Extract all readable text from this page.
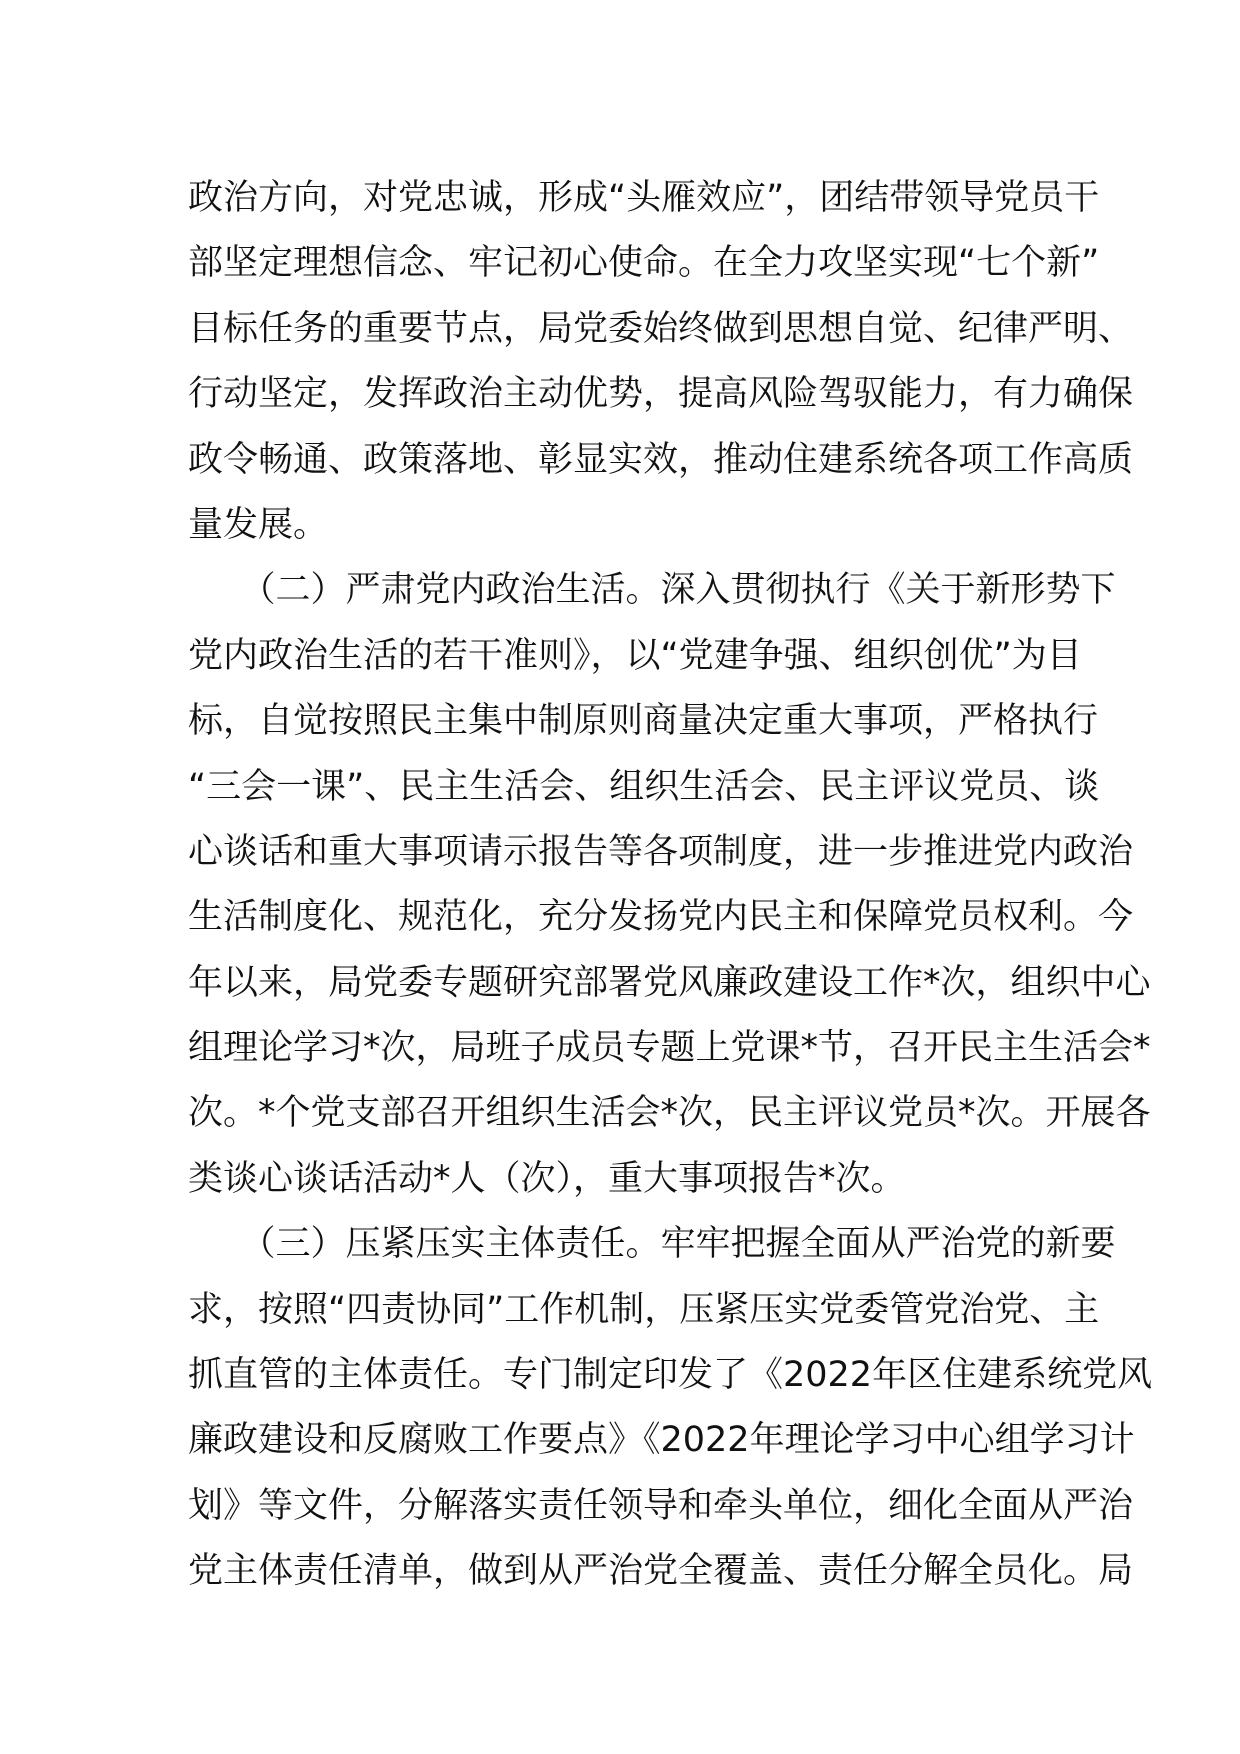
政治方向，对党忠诚，形成“头雁效应”，团结带领导党员干
部坚定理想信念、牢记初心使命。在全力攻坚实现“七个新”
目标任务的重要节点，局党委始终做到思想自觉、纪律严明、
行动坚定，发挥政治主动优势，提高风险驾驭能力，有力确保
政令畅通、政策落地、彰显实效，推动住建系统各项工作高质
量发展。
　　（二）严肃党内政治生活。深入贯彻执行《关于新形势下
党内政治生活的若干准则》，以“党建争强、组织创优”为目
标，自觉按照民主集中制原则商量决定重大事项，严格执行
“三会一课”、民主生活会、组织生活会、民主评议党员、谈
心谈话和重大事项请示报告等各项制度，进一步推进党内政治
生活制度化、规范化，充分发扬党内民主和保障党员权利。今
年以来，局党委专题研究部署党风廉政建设工作*次，组织中心
组理论学习*次，局班子成员专题上党课*节，召开民主生活会*
次。*个党支部召开组织生活会*次，民主评议党员*次。开展各
类谈心谈话活动*人（次），重大事项报告*次。
　　（三）压紧压实主体责任。牢牢把握全面从严治党的新要
求，按照“四责协同”工作机制，压紧压实党委管党治党、主
抓直管的主体责任。专门制定印发了《2022年区住建系统党风
廉政建设和反腐败工作要点》《2022年理论学习中心组学习计
划》等文件，分解落实责任领导和牵头单位，细化全面从严治
党主体责任清单，做到从严治党全覆盖、责任分解全员化。局
